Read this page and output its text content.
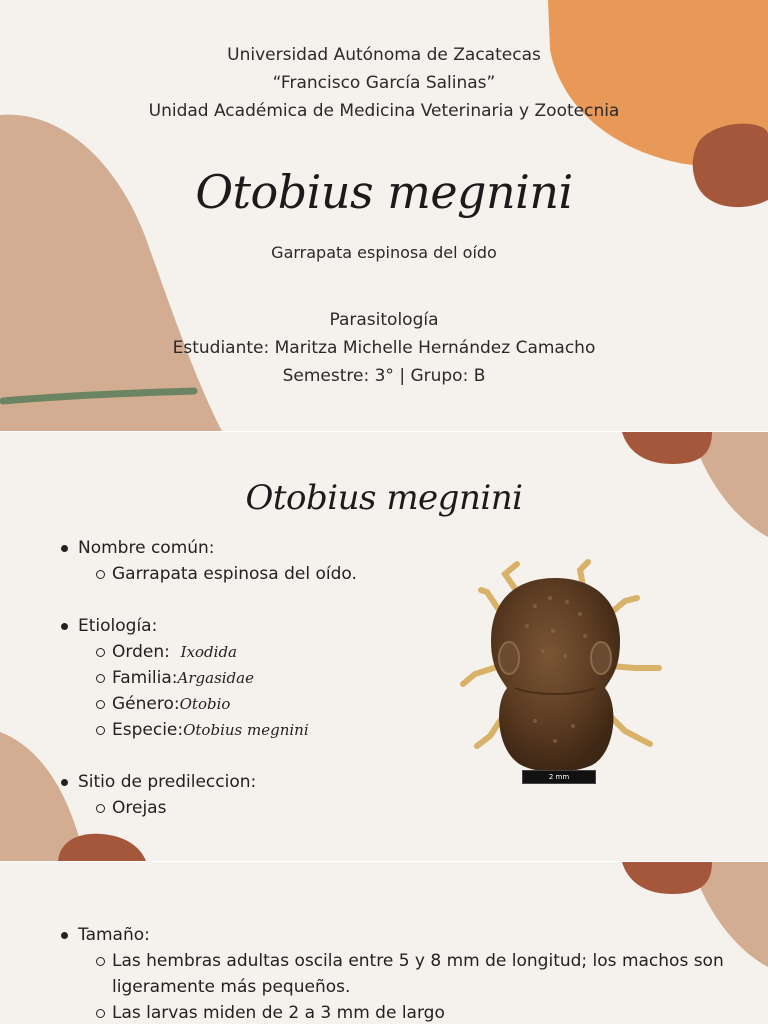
Universidad Autónoma de Zacatecas
“Francisco García Salinas”
Unidad Académica de Medicina Veterinaria y Zootecnia
Otobius megnini
Garrapata espinosa del oído
Parasitología
Estudiante: Maritza Michelle Hernández Camacho
Semestre: 3° | Grupo: B
Otobius megnini
Nombre común:
Garrapata espinosa del oído.
Etiología:
Orden: Ixodida
Familia:Argasidae
Género:Otobio
Especie:Otobius megnini
Sitio de predileccion:
Orejas
2 mm
Tamaño:
Las hembras adultas oscila entre 5 y 8 mm de longitud; los machos son
ligeramente más pequeños.
Las larvas miden de 2 a 3 mm de largo
